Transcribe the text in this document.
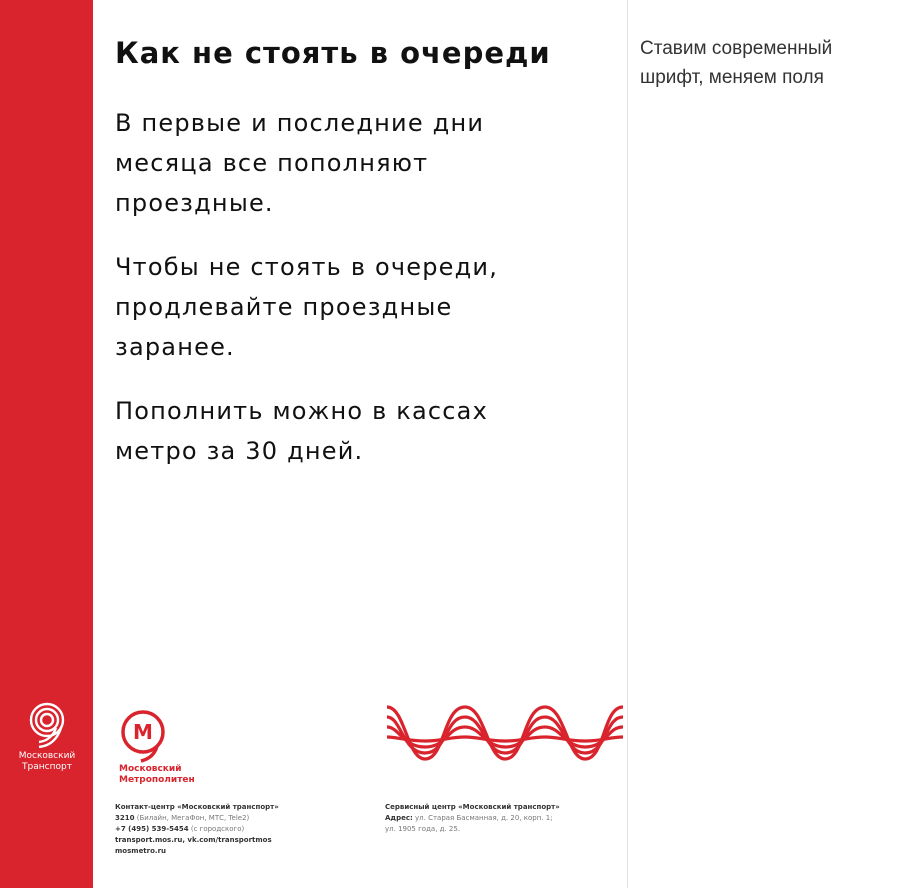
Московский
Транспорт
Как не стоять в очереди

В первые и последние дни
месяца все пополняют
проездные.

Чтобы не стоять в очереди,
продлевайте проездные
заранее.

Пополнить можно в кассах
метро за 30 дней.

М
Московский
Метрополитен
Контакт-центр «Московский транспорт»
3210 (Билайн, МегаФон, МТС, Tele2)
+7 (495) 539-5454 (с городского)
transport.mos.ru, vk.com/transportmos
mosmetro.ru
Сервисный центр «Московский транспорт»
Адрес: ул. Старая Басманная, д. 20, корп. 1;
ул. 1905 года, д. 25.

Ставим современный
шрифт, меняем поля
